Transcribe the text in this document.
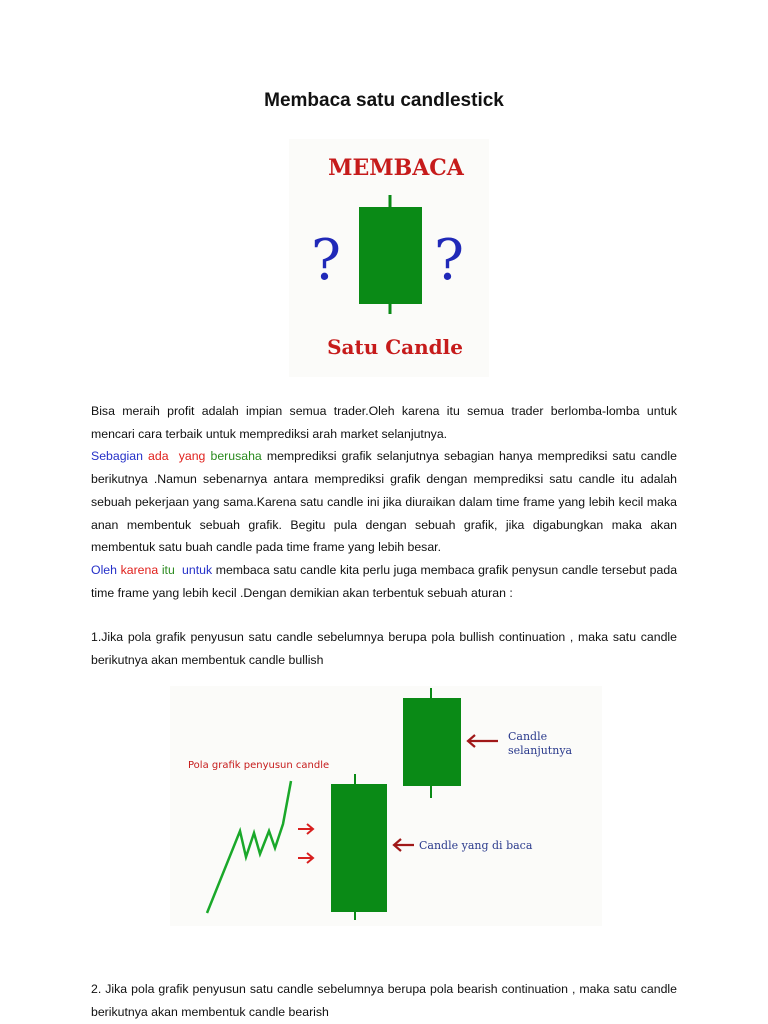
Membaca satu candlestick
MEMBACA
? ?
Satu Candle

Bisa meraih profit adalah impian semua trader.Oleh karena itu semua trader berlomba-lomba untuk mencari cara terbaik untuk memprediksi arah market selanjutnya.

Sebagian ada yang berusaha memprediksi grafik selanjutnya sebagian hanya memprediksi satu candle berikutnya .Namun sebenarnya antara memprediksi grafik dengan memprediksi satu candle itu adalah sebuah pekerjaan yang sama.Karena satu candle ini jika diuraikan dalam time frame yang lebih kecil maka anan membentuk sebuah grafik. Begitu pula dengan sebuah grafik, jika digabungkan maka akan membentuk satu buah candle pada time frame yang lebih besar.

Oleh karena itu untuk membaca satu candle kita perlu juga membaca grafik penysun candle tersebut pada time frame yang lebih kecil .Dengan demikian akan terbentuk sebuah aturan :

1.Jika pola grafik penyusun satu candle sebelumnya berupa pola bullish continuation , maka satu candle berikutnya akan membentuk candle bullish
Pola grafik penyusun candle
Candle
selanjutnya
Candle yang di baca
2. Jika pola grafik penyusun satu candle sebelumnya berupa pola bearish continuation , maka satu candle berikutnya akan membentuk candle bearish
